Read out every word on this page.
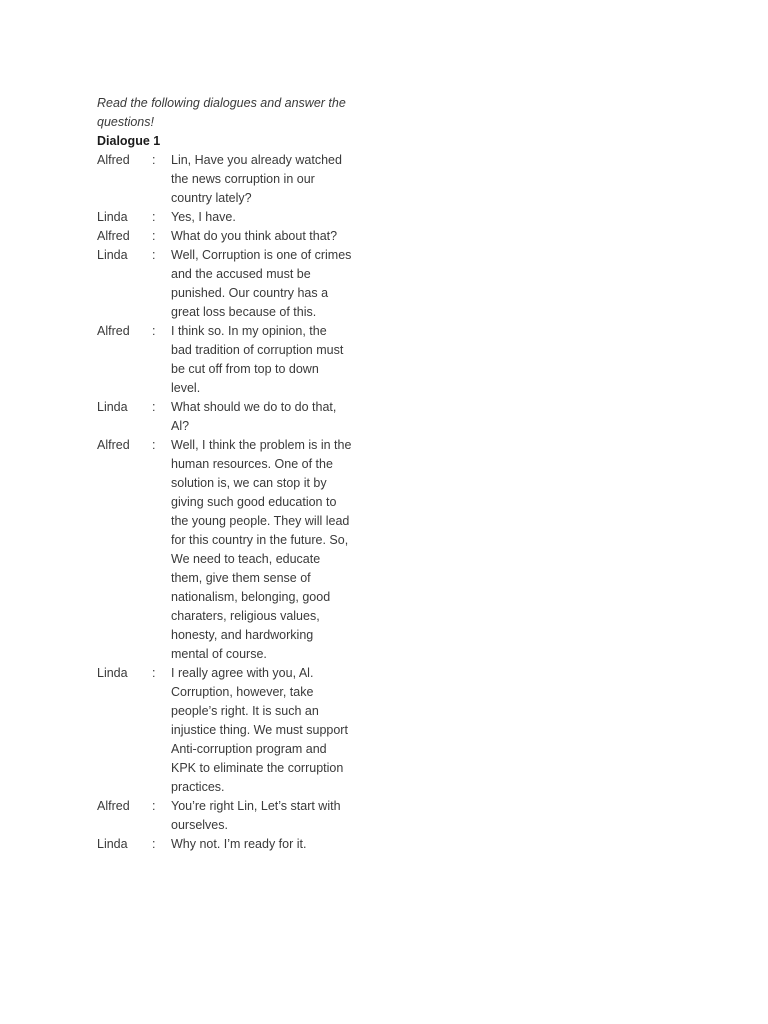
Read the following dialogues and answer the questions!

Dialogue 1

Alfred	:	Lin, Have you already watched
the news corruption in our
country lately?
Linda	:	Yes, I have.
Alfred	:	What do you think about that?
Linda	:	Well, Corruption is one of crimes
and the accused must be
punished. Our country has a
great loss because of this.
Alfred	:	I think so. In my opinion, the
bad tradition of corruption must
be cut off from top to down
level.
Linda	:	What should we do to do that,
Al?
Alfred	:	Well, I think the problem is in the
human resources. One of the
solution is, we can stop it by
giving such good education to
the young people. They will lead
for this country in the future. So,
We need to teach, educate
them, give them sense of
nationalism, belonging, good
charaters, religious values,
honesty, and hardworking
mental of course.
Linda	:	I really agree with you, Al.
Corruption, however, take
people’s right. It is such an
injustice thing. We must support
Anti-corruption program and
KPK to eliminate the corruption
practices.
Alfred	:	You’re right Lin, Let’s start with
ourselves.
Linda	:	Why not. I’m ready for it.
